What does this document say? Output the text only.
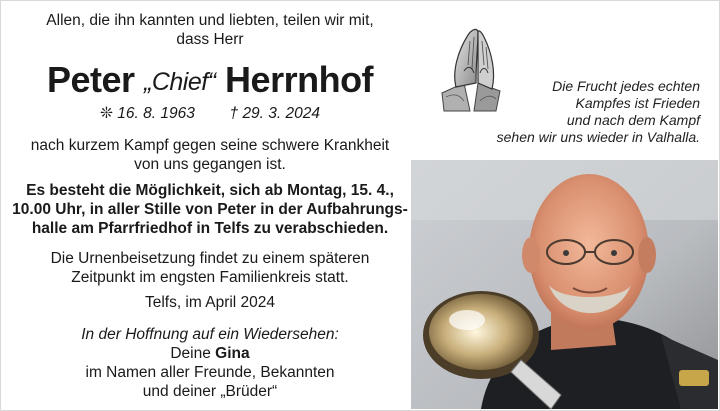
Allen, die ihn kannten und liebten, teilen wir mit,
dass Herr
Peter „Chief“ Herrnhof
❊ 16. 8. 1963 † 29. 3. 2024
nach kurzem Kampf gegen seine schwere Krankheit
von uns gegangen ist.
Es besteht die Möglichkeit, sich ab Montag, 15. 4.,
10.00 Uhr, in aller Stille von Peter in der Aufbahrungs-
halle am Pfarrfriedhof in Telfs zu verabschieden.
Die Urnenbeisetzung findet zu einem späteren
Zeitpunkt im engsten Familienkreis statt.
Telfs, im April 2024
In der Hoffnung auf ein Wiedersehen:
Deine Gina
im Namen aller Freunde, Bekannten
und deiner „Brüder“
Die Frucht jedes echten
Kampfes ist Frieden
und nach dem Kampf
sehen wir uns wieder in Valhalla.
